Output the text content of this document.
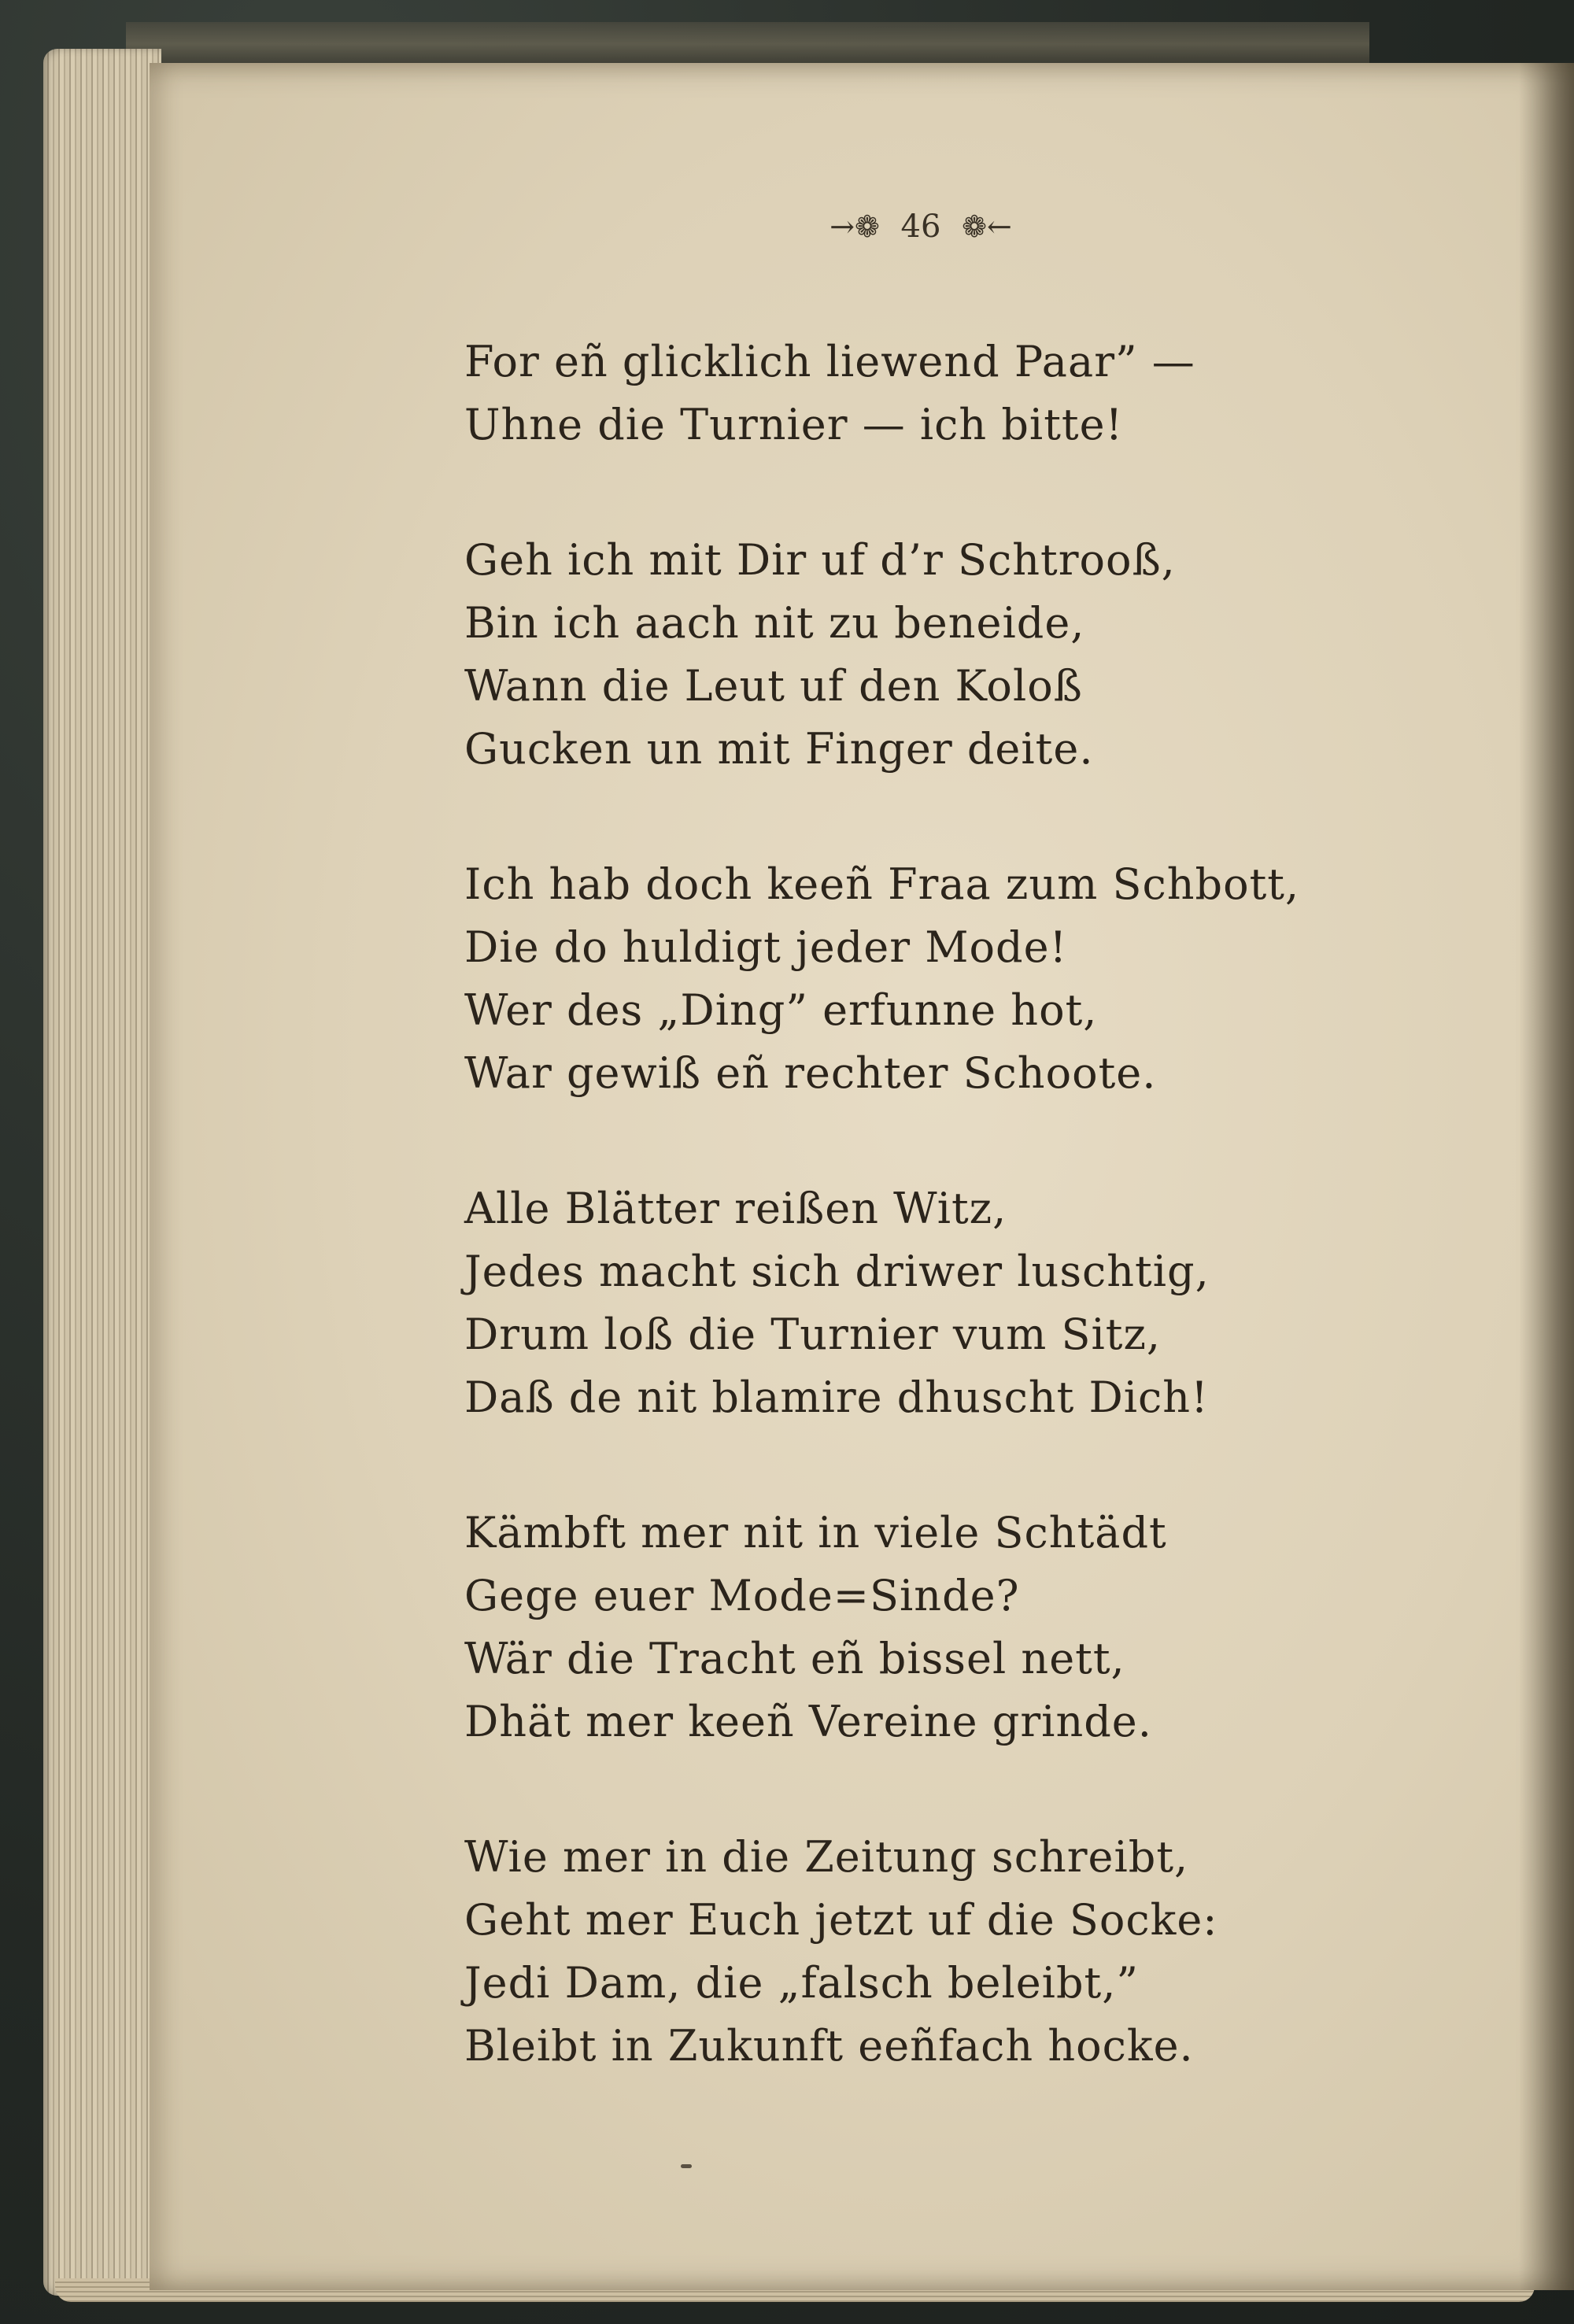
→❁ 46 ❁←
For eñ glicklich liewend Paar” —
Uhne die Turnier — ich bitte!
Geh ich mit Dir uf d’r Schtrooß,
Bin ich aach nit zu beneide,
Wann die Leut uf den Koloß
Gucken un mit Finger deite.
Ich hab doch keeñ Fraa zum Schbott,
Die do huldigt jeder Mode!
Wer des „Ding” erfunne hot,
War gewiß eñ rechter Schoote.
Alle Blätter reißen Witz,
Jedes macht sich driwer luschtig,
Drum loß die Turnier vum Sitz,
Daß de nit blamire dhuscht Dich!
Kämbft mer nit in viele Schtädt
Gege euer Mode=Sinde?
Wär die Tracht eñ bissel nett,
Dhät mer keeñ Vereine grinde.
Wie mer in die Zeitung schreibt,
Geht mer Euch jetzt uf die Socke:
Jedi Dam, die „falsch beleibt,”
Bleibt in Zukunft eeñfach hocke.
